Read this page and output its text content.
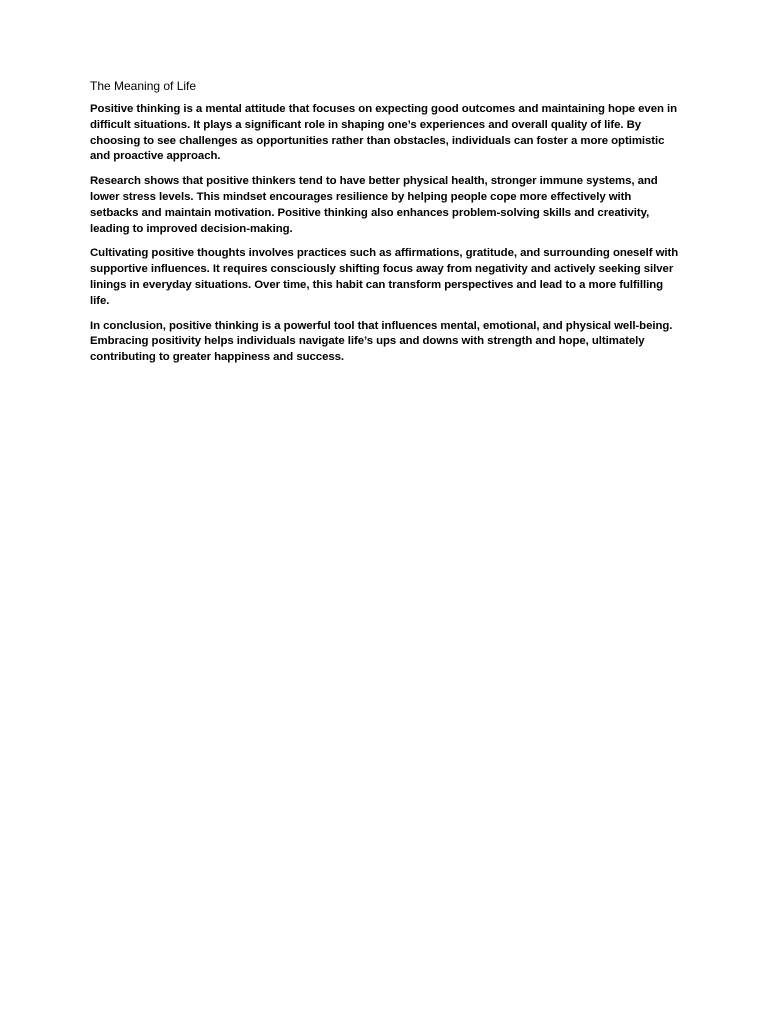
The Meaning of Life

Positive thinking is a mental attitude that focuses on expecting good outcomes and maintaining hope even in difficult situations. It plays a significant role in shaping one’s experiences and overall quality of life. By choosing to see challenges as opportunities rather than obstacles, individuals can foster a more optimistic and proactive approach.

Research shows that positive thinkers tend to have better physical health, stronger immune systems, and lower stress levels. This mindset encourages resilience by helping people cope more effectively with setbacks and maintain motivation. Positive thinking also enhances problem-solving skills and creativity, leading to improved decision-making.

Cultivating positive thoughts involves practices such as affirmations, gratitude, and surrounding oneself with supportive influences. It requires consciously shifting focus away from negativity and actively seeking silver linings in everyday situations. Over time, this habit can transform perspectives and lead to a more fulfilling life.

In conclusion, positive thinking is a powerful tool that influences mental, emotional, and physical well-being. Embracing positivity helps individuals navigate life’s ups and downs with strength and hope, ultimately contributing to greater happiness and success.
